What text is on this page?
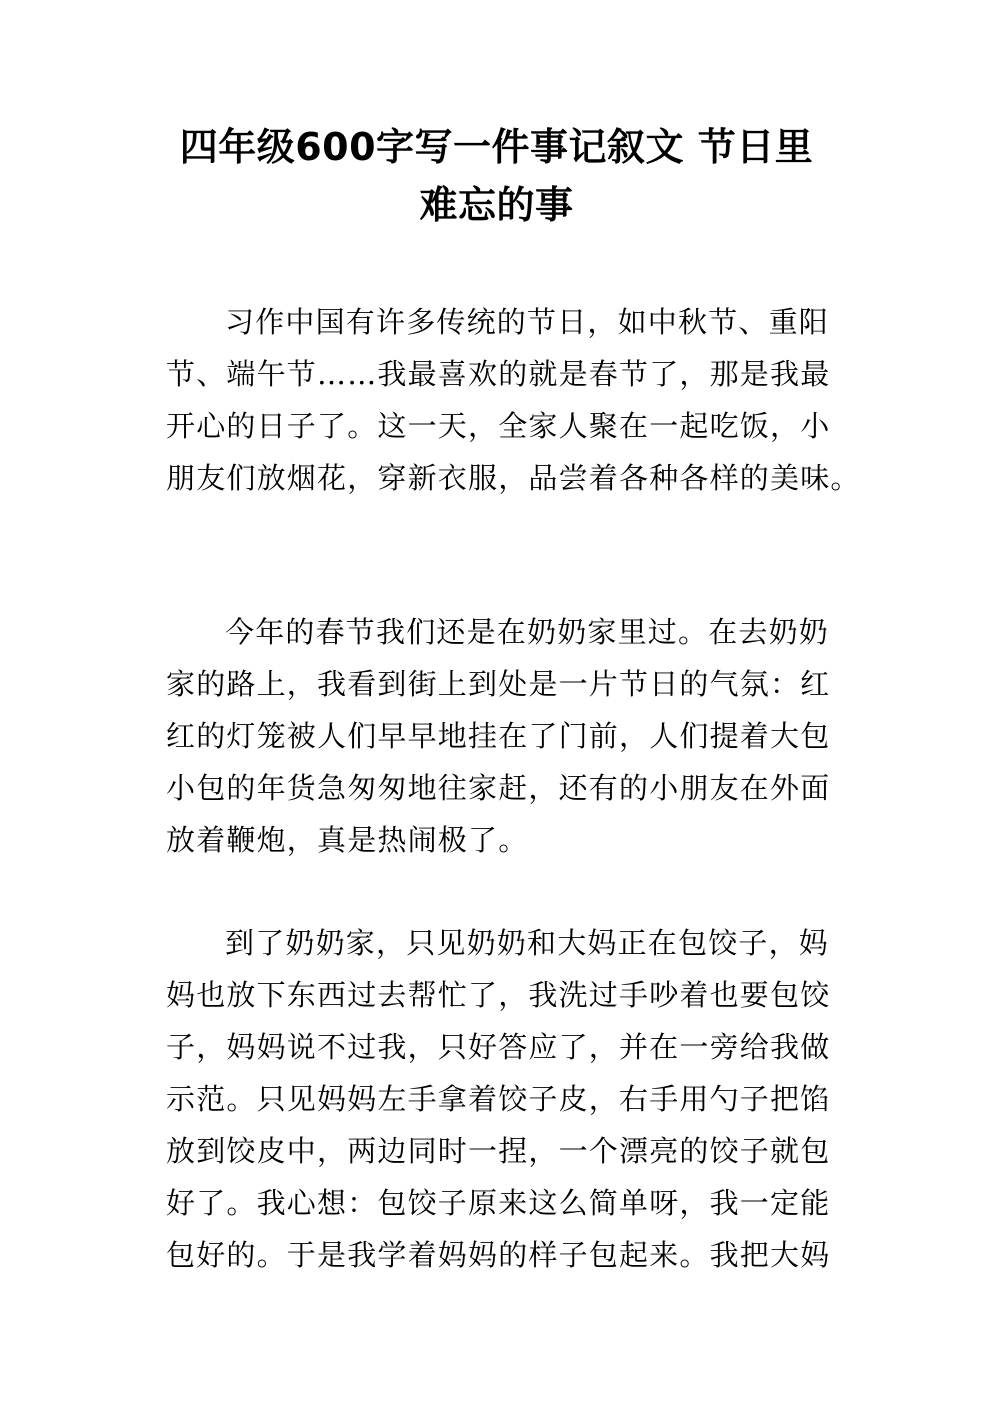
四年级600字写一件事记叙文 节日里
难忘的事

习作中国有许多传统的节日，如中秋节、重阳
节、端午节……我最喜欢的就是春节了，那是我最
开心的日子了。这一天，全家人聚在一起吃饭，小
朋友们放烟花，穿新衣服，品尝着各种各样的美味。

今年的春节我们还是在奶奶家里过。在去奶奶
家的路上，我看到街上到处是一片节日的气氛：红
红的灯笼被人们早早地挂在了门前，人们提着大包
小包的年货急匆匆地往家赶，还有的小朋友在外面
放着鞭炮，真是热闹极了。

到了奶奶家，只见奶奶和大妈正在包饺子，妈
妈也放下东西过去帮忙了，我洗过手吵着也要包饺
子，妈妈说不过我，只好答应了，并在一旁给我做
示范。只见妈妈左手拿着饺子皮，右手用勺子把馅
放到饺皮中，两边同时一捏，一个漂亮的饺子就包
好了。我心想：包饺子原来这么简单呀，我一定能
包好的。于是我学着妈妈的样子包起来。我把大妈
